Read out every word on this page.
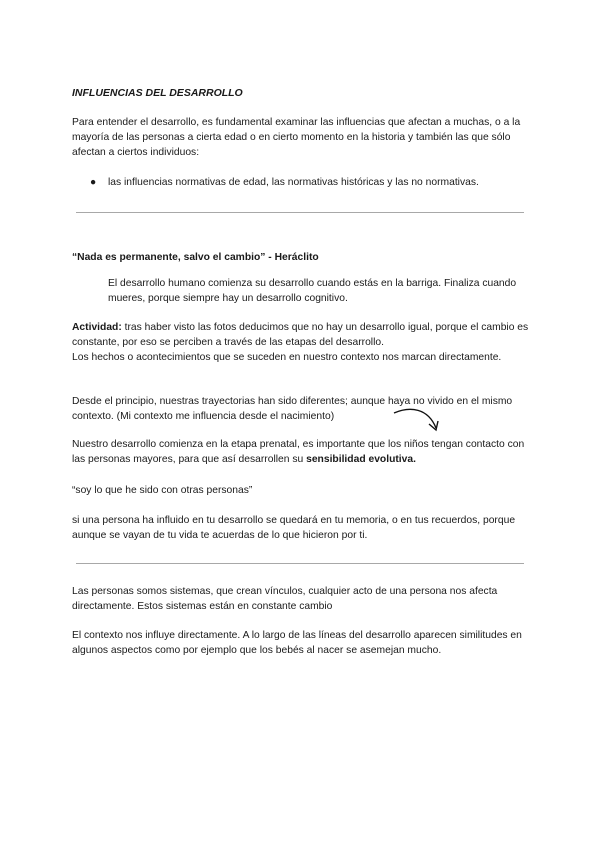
INFLUENCIAS DEL DESARROLLO

Para entender el desarrollo, es fundamental examinar las influencias que afectan a muchas, o a la mayoría de las personas a cierta edad o en cierto momento en la historia y también las que sólo afectan a ciertos individuos:

● las influencias normativas de edad, las normativas históricas y las no normativas.

“Nada es permanente, salvo el cambio” - Heráclito

El desarrollo humano comienza su desarrollo cuando estás en la barriga. Finaliza cuando mueres, porque siempre hay un desarrollo cognitivo.

Actividad: tras haber visto las fotos deducimos que no hay un desarrollo igual, porque el cambio es constante, por eso se perciben a través de las etapas del desarrollo.
Los hechos o acontecimientos que se suceden en nuestro contexto nos marcan directamente.

Desde el principio, nuestras trayectorias han sido diferentes; aunque haya no vivido en el mismo contexto. (Mi contexto me influencia desde el nacimiento)

Nuestro desarrollo comienza en la etapa prenatal, es importante que los niños tengan contacto con las personas mayores, para que así desarrollen su sensibilidad evolutiva.

“soy lo que he sido con otras personas”

si una persona ha influido en tu desarrollo se quedará en tu memoria, o en tus recuerdos, porque aunque se vayan de tu vida te acuerdas de lo que hicieron por ti.

Las personas somos sistemas, que crean vínculos, cualquier acto de una persona nos afecta directamente. Estos sistemas están en constante cambio

El contexto nos influye directamente. A lo largo de las líneas del desarrollo aparecen similitudes en algunos aspectos como por ejemplo que los bebés al nacer se asemejan mucho.
